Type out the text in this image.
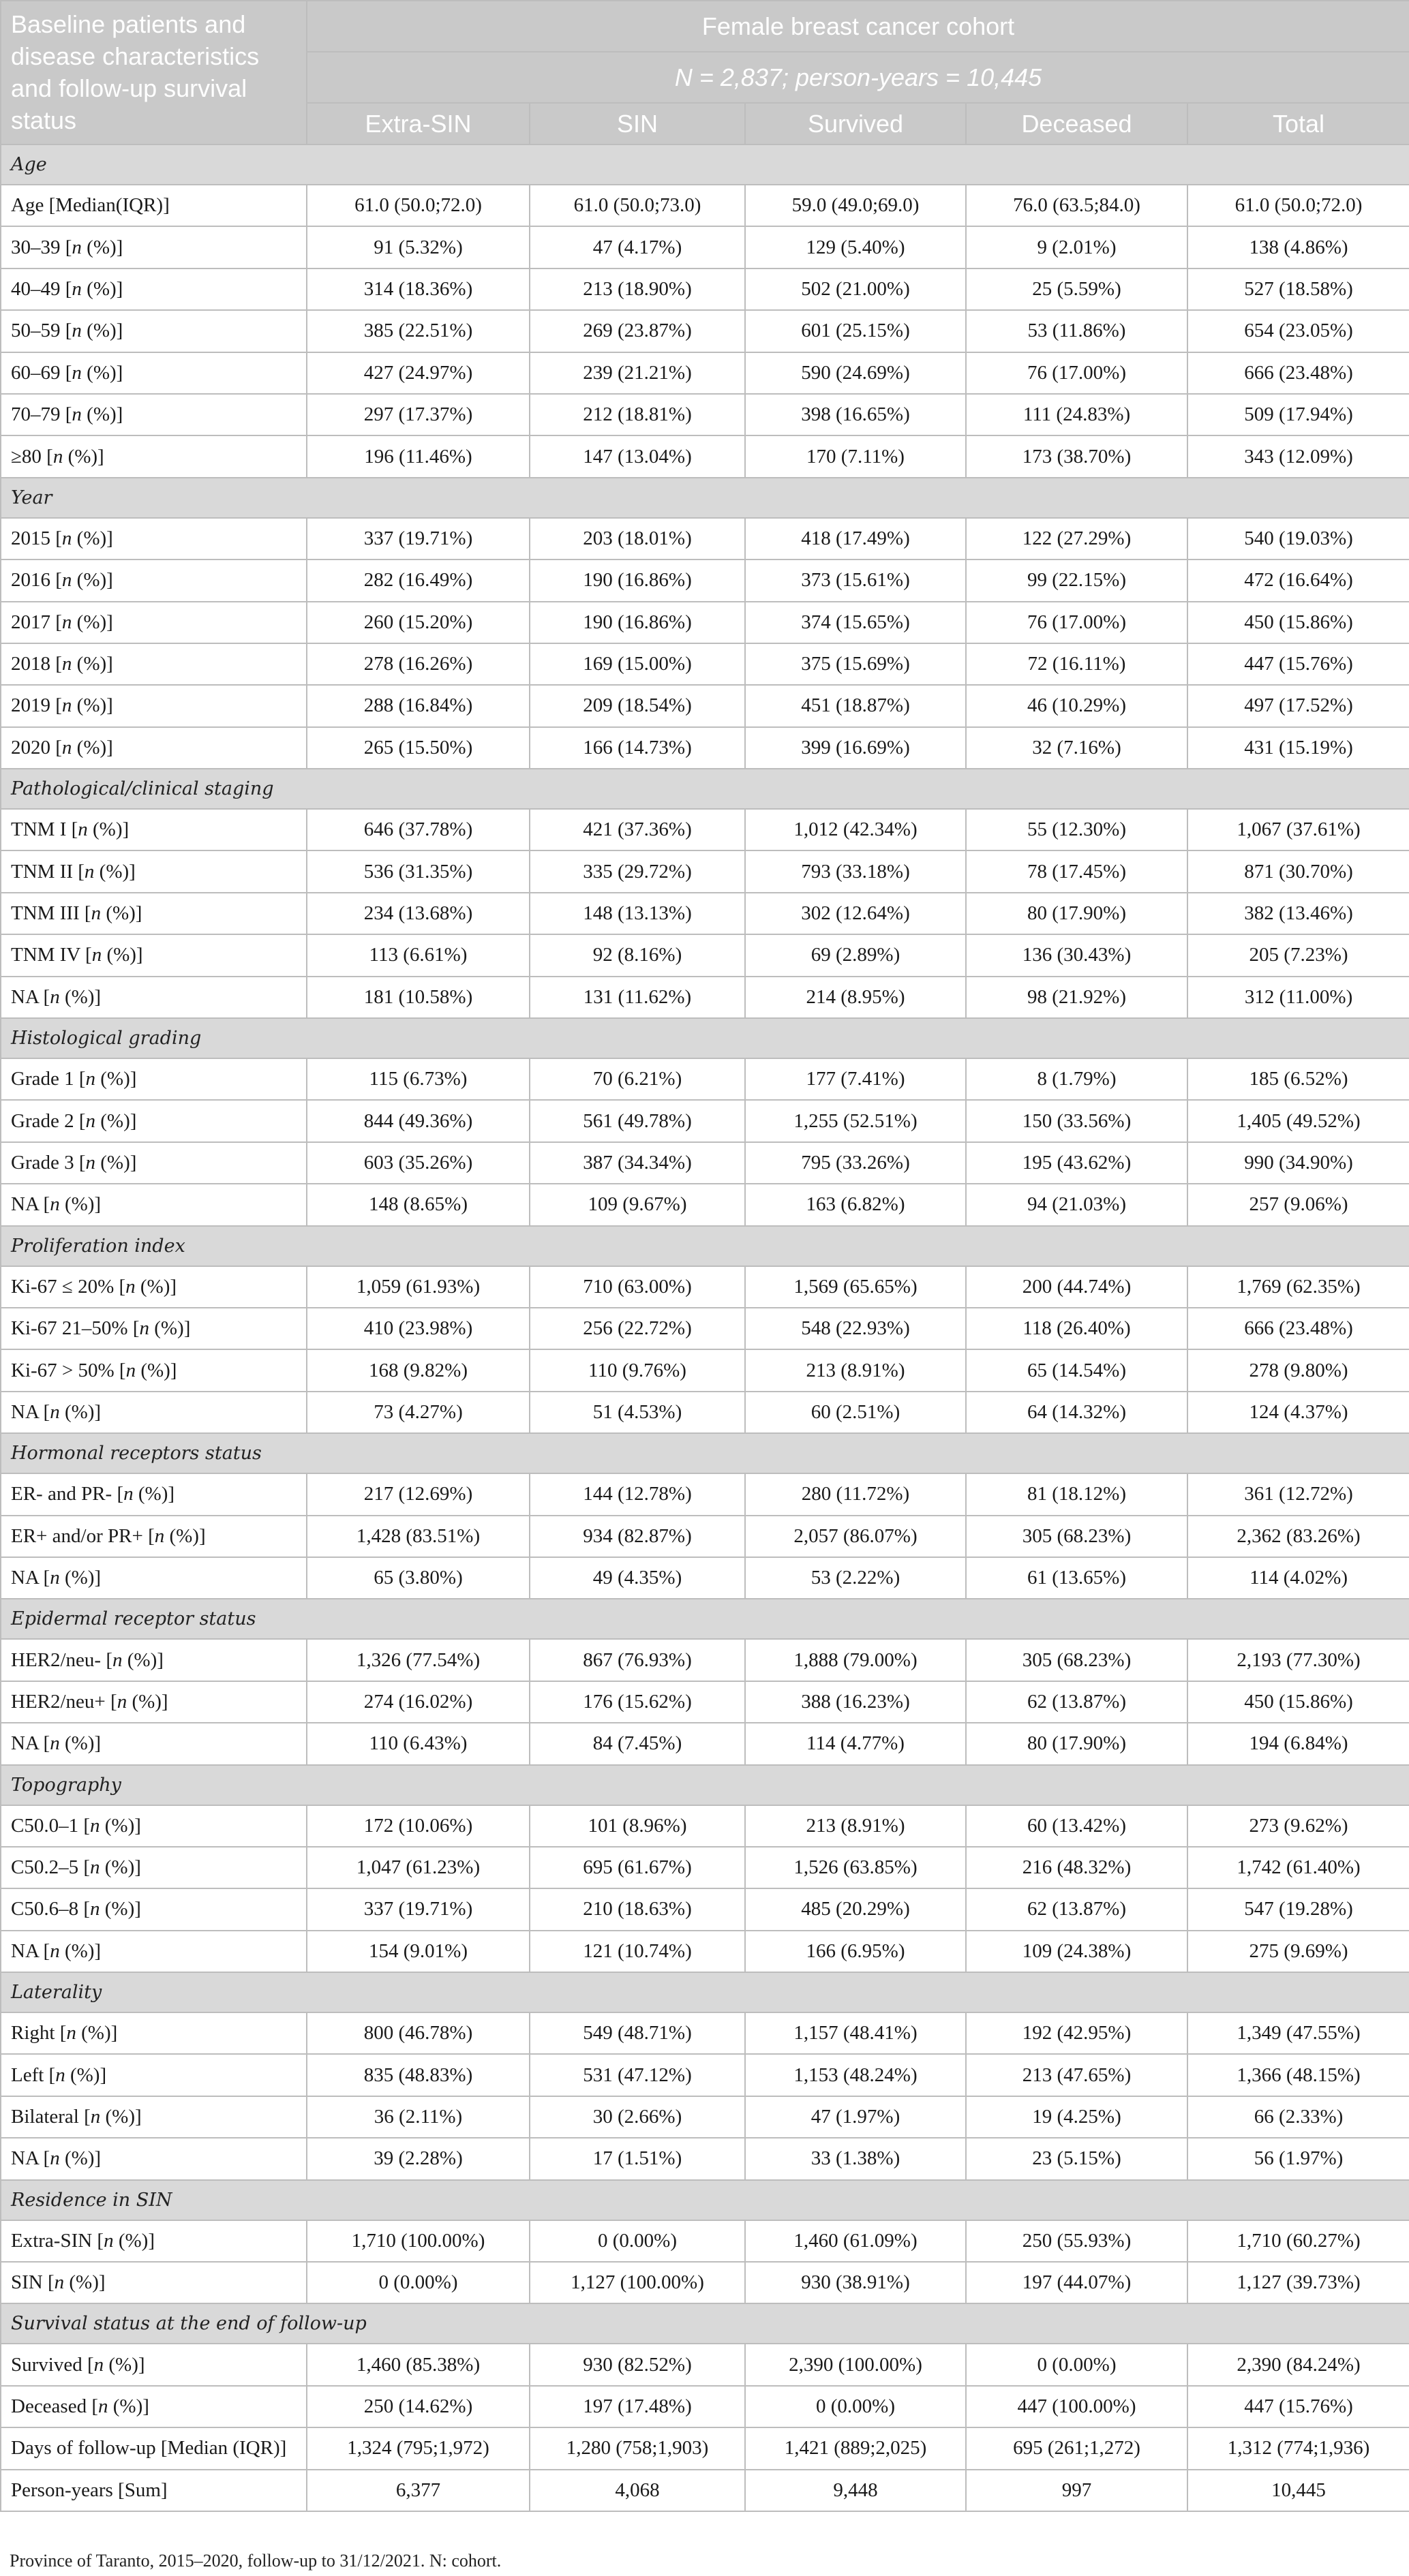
Baseline patients and disease characteristics and follow-up survival status	Female breast cancer cohort				
	N = 2,837; person-years = 10,445				
	Extra-SIN	SIN	Survived	Deceased	Total
Age					
Age [Median(IQR)]	61.0 (50.0;72.0)	61.0 (50.0;73.0)	59.0 (49.0;69.0)	76.0 (63.5;84.0)	61.0 (50.0;72.0)
30–39 [n (%)]	91 (5.32%)	47 (4.17%)	129 (5.40%)	9 (2.01%)	138 (4.86%)
40–49 [n (%)]	314 (18.36%)	213 (18.90%)	502 (21.00%)	25 (5.59%)	527 (18.58%)
50–59 [n (%)]	385 (22.51%)	269 (23.87%)	601 (25.15%)	53 (11.86%)	654 (23.05%)
60–69 [n (%)]	427 (24.97%)	239 (21.21%)	590 (24.69%)	76 (17.00%)	666 (23.48%)
70–79 [n (%)]	297 (17.37%)	212 (18.81%)	398 (16.65%)	111 (24.83%)	509 (17.94%)
≥80 [n (%)]	196 (11.46%)	147 (13.04%)	170 (7.11%)	173 (38.70%)	343 (12.09%)
Year					
2015 [n (%)]	337 (19.71%)	203 (18.01%)	418 (17.49%)	122 (27.29%)	540 (19.03%)
2016 [n (%)]	282 (16.49%)	190 (16.86%)	373 (15.61%)	99 (22.15%)	472 (16.64%)
2017 [n (%)]	260 (15.20%)	190 (16.86%)	374 (15.65%)	76 (17.00%)	450 (15.86%)
2018 [n (%)]	278 (16.26%)	169 (15.00%)	375 (15.69%)	72 (16.11%)	447 (15.76%)
2019 [n (%)]	288 (16.84%)	209 (18.54%)	451 (18.87%)	46 (10.29%)	497 (17.52%)
2020 [n (%)]	265 (15.50%)	166 (14.73%)	399 (16.69%)	32 (7.16%)	431 (15.19%)
Pathological/clinical staging					
TNM I [n (%)]	646 (37.78%)	421 (37.36%)	1,012 (42.34%)	55 (12.30%)	1,067 (37.61%)
TNM II [n (%)]	536 (31.35%)	335 (29.72%)	793 (33.18%)	78 (17.45%)	871 (30.70%)
TNM III [n (%)]	234 (13.68%)	148 (13.13%)	302 (12.64%)	80 (17.90%)	382 (13.46%)
TNM IV [n (%)]	113 (6.61%)	92 (8.16%)	69 (2.89%)	136 (30.43%)	205 (7.23%)
NA [n (%)]	181 (10.58%)	131 (11.62%)	214 (8.95%)	98 (21.92%)	312 (11.00%)
Histological grading					
Grade 1 [n (%)]	115 (6.73%)	70 (6.21%)	177 (7.41%)	8 (1.79%)	185 (6.52%)
Grade 2 [n (%)]	844 (49.36%)	561 (49.78%)	1,255 (52.51%)	150 (33.56%)	1,405 (49.52%)
Grade 3 [n (%)]	603 (35.26%)	387 (34.34%)	795 (33.26%)	195 (43.62%)	990 (34.90%)
NA [n (%)]	148 (8.65%)	109 (9.67%)	163 (6.82%)	94 (21.03%)	257 (9.06%)
Proliferation index					
Ki-67 ≤ 20% [n (%)]	1,059 (61.93%)	710 (63.00%)	1,569 (65.65%)	200 (44.74%)	1,769 (62.35%)
Ki-67 21–50% [n (%)]	410 (23.98%)	256 (22.72%)	548 (22.93%)	118 (26.40%)	666 (23.48%)
Ki-67 > 50% [n (%)]	168 (9.82%)	110 (9.76%)	213 (8.91%)	65 (14.54%)	278 (9.80%)
NA [n (%)]	73 (4.27%)	51 (4.53%)	60 (2.51%)	64 (14.32%)	124 (4.37%)
Hormonal receptors status					
ER- and PR- [n (%)]	217 (12.69%)	144 (12.78%)	280 (11.72%)	81 (18.12%)	361 (12.72%)
ER+ and/or PR+ [n (%)]	1,428 (83.51%)	934 (82.87%)	2,057 (86.07%)	305 (68.23%)	2,362 (83.26%)
NA [n (%)]	65 (3.80%)	49 (4.35%)	53 (2.22%)	61 (13.65%)	114 (4.02%)
Epidermal receptor status					
HER2/neu- [n (%)]	1,326 (77.54%)	867 (76.93%)	1,888 (79.00%)	305 (68.23%)	2,193 (77.30%)
HER2/neu+ [n (%)]	274 (16.02%)	176 (15.62%)	388 (16.23%)	62 (13.87%)	450 (15.86%)
NA [n (%)]	110 (6.43%)	84 (7.45%)	114 (4.77%)	80 (17.90%)	194 (6.84%)
Topography					
C50.0–1 [n (%)]	172 (10.06%)	101 (8.96%)	213 (8.91%)	60 (13.42%)	273 (9.62%)
C50.2–5 [n (%)]	1,047 (61.23%)	695 (61.67%)	1,526 (63.85%)	216 (48.32%)	1,742 (61.40%)
C50.6–8 [n (%)]	337 (19.71%)	210 (18.63%)	485 (20.29%)	62 (13.87%)	547 (19.28%)
NA [n (%)]	154 (9.01%)	121 (10.74%)	166 (6.95%)	109 (24.38%)	275 (9.69%)
Laterality					
Right [n (%)]	800 (46.78%)	549 (48.71%)	1,157 (48.41%)	192 (42.95%)	1,349 (47.55%)
Left [n (%)]	835 (48.83%)	531 (47.12%)	1,153 (48.24%)	213 (47.65%)	1,366 (48.15%)
Bilateral [n (%)]	36 (2.11%)	30 (2.66%)	47 (1.97%)	19 (4.25%)	66 (2.33%)
NA [n (%)]	39 (2.28%)	17 (1.51%)	33 (1.38%)	23 (5.15%)	56 (1.97%)
Residence in SIN					
Extra-SIN [n (%)]	1,710 (100.00%)	0 (0.00%)	1,460 (61.09%)	250 (55.93%)	1,710 (60.27%)
SIN [n (%)]	0 (0.00%)	1,127 (100.00%)	930 (38.91%)	197 (44.07%)	1,127 (39.73%)
Survival status at the end of follow-up					
Survived [n (%)]	1,460 (85.38%)	930 (82.52%)	2,390 (100.00%)	0 (0.00%)	2,390 (84.24%)
Deceased [n (%)]	250 (14.62%)	197 (17.48%)	0 (0.00%)	447 (100.00%)	447 (15.76%)
Days of follow-up [Median (IQR)]	1,324 (795;1,972)	1,280 (758;1,903)	1,421 (889;2,025)	695 (261;1,272)	1,312 (774;1,936)
Person-years [Sum]	6,377	4,068	9,448	997	10,445
Province of Taranto, 2015–2020, follow-up to 31/12/2021. N: cohort.
